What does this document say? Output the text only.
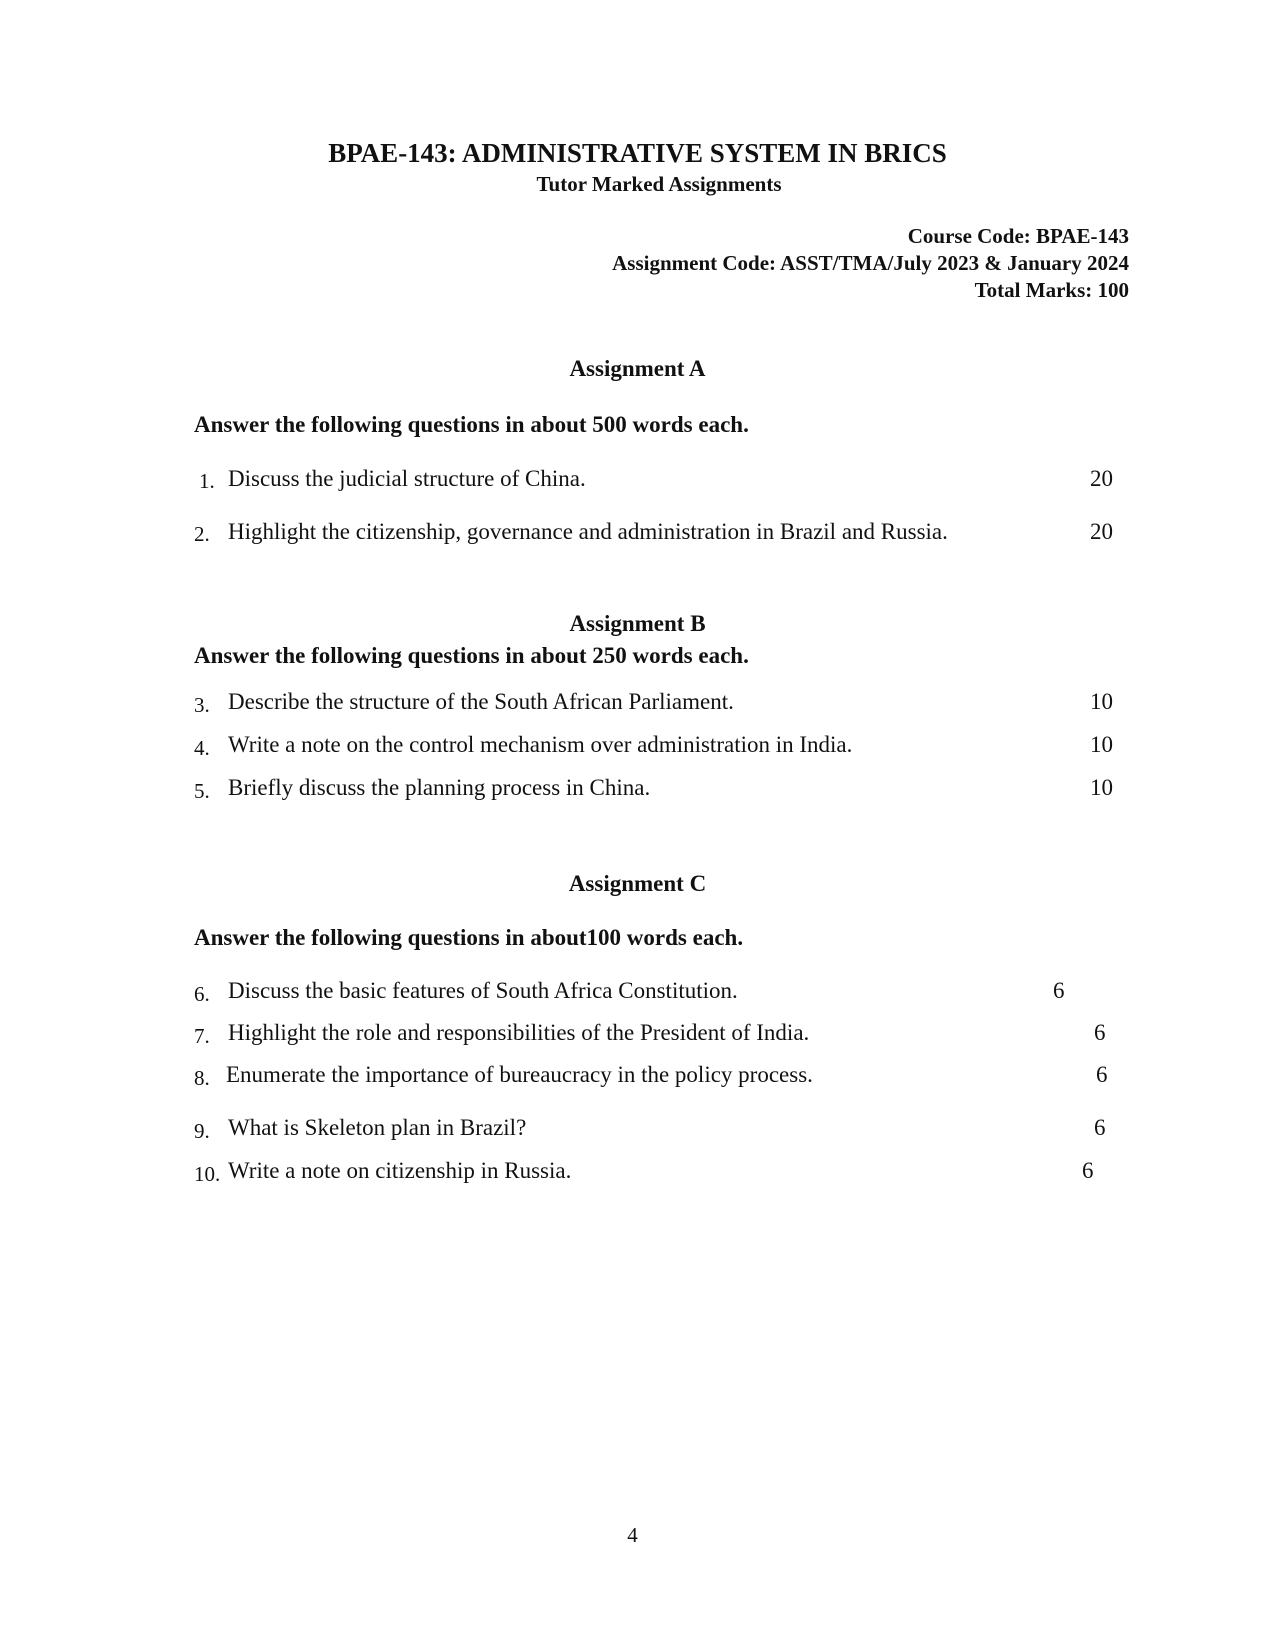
BPAE-143: ADMINISTRATIVE SYSTEM IN BRICS
Tutor Marked Assignments
Course Code: BPAE-143
Assignment Code: ASST/TMA/July 2023 & January 2024
Total Marks: 100
Assignment A
Answer the following questions in about 500 words each.
1. Discuss the judicial structure of China.	20
2. Highlight the citizenship, governance and administration in Brazil and Russia.	20
Assignment B
Answer the following questions in about 250 words each.
3. Describe the structure of the South African Parliament.	10
4. Write a note on the control mechanism over administration in India.	10
5. Briefly discuss the planning process in China.	10
Assignment C
Answer the following questions in about100 words each.
6. Discuss the basic features of South Africa Constitution.	6
7. Highlight the role and responsibilities of the President of India.	6
8. Enumerate the importance of bureaucracy in the policy process.	6
9. What is Skeleton plan in Brazil?	6
10. Write a note on citizenship in Russia.	6
4
